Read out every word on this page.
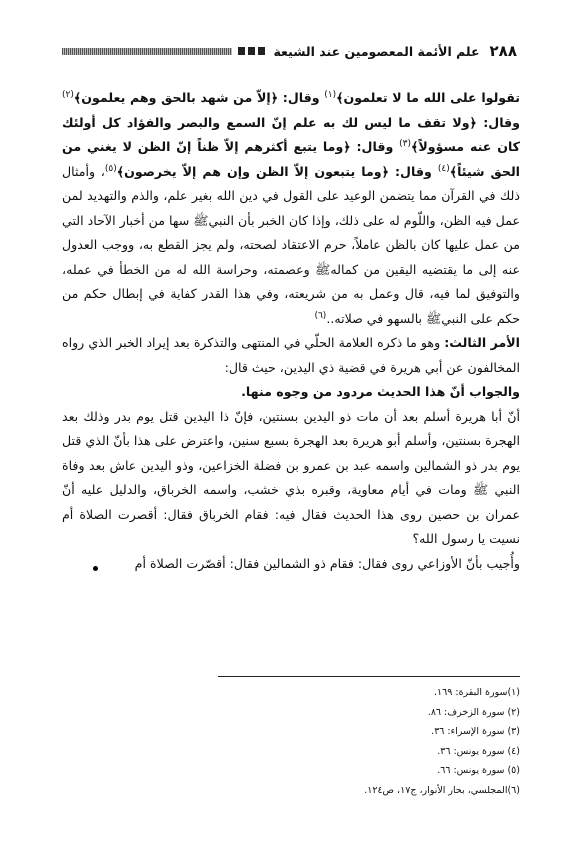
٢٨٨
علم الأئمة المعصومين عند الشيعة

تقولوا على الله ما لا تعلمون﴾$^{(١)}$ وقال: ﴿إلاّ من شهد بالحق وهم يعلمون﴾$^{(٢)}$ وقال: ﴿ولا تقف ما ليس لك به علم إنّ السمع والبصر والفؤاد كل أولئك كان عنه مسؤولاً﴾$^{(٣)}$ وقال: ﴿وما يتبع أكثرهم إلاّ ظناً إنّ الظن لا يغني من الحق شيئاً﴾$^{(٤)}$ وقال: ﴿وما يتبعون إلاّ الظن وإن هم إلاّ يخرصون﴾$^{(٥)}$، وأمثال ذلك في القرآن مما يتضمن الوعيد على القول في دين الله بغير علم، والذم والتهديد لمن عمل فيه الظن، واللّوم له على ذلك، وإذا كان الخبر بأن النبيﷺ سها من أخبار الآحاد التي من عمل عليها كان بالظن عاملاً، حرم الاعتقاد لصحته، ولم يجز القطع به، ووجب العدول عنه إلى ما يقتضيه اليقين من كمالهﷺ وعصمته، وحراسة الله له من الخطأ في عمله، والتوفيق لما فيه، قال وعمل به من شريعته، وفي هذا القدر كفاية في إبطال حكم من حكم على النبيﷺ بالسهو في صلاته..$^{(٦)}$

الأمر الثالث: وهو ما ذكره العلامة الحلّي في المنتهى والتذكرة بعد إيراد الخبر الذي رواه المخالفون عن أبي هريرة في قضية ذي اليدين، حيث قال:

والجواب أنّ هذا الحديث مردود من وجوه منها.

أنّ أبا هريرة أسلم بعد أن مات ذو اليدين بسنتين، فإنّ ذا اليدين قتل يوم بدر وذلك بعد الهجرة بسنتين، وأسلم أبو هريرة بعد الهجرة بسبع سنين، واعترض على هذا بأنّ الذي قتل يوم بدر ذو الشمالين واسمه عبد بن عمرو بن فضلة الخزاعين، وذو اليدين عاش بعد وفاة النبي ﷺ ومات في أيام معاوية، وقبره بذي خشب، واسمه الخرباق، والدليل عليه أنّ عمران بن حصين روى هذا الحديث فقال فيه: فقام الخرباق فقال: أقصرت الصلاة أم نسيت يا رسول الله؟

وأُجيب بأنّ الأوزاعي روى فقال: فقام ذو الشمالين فقال: أقصّرت الصلاة أم

(١)سورة البقرة: ١٦٩.
(٢) سورة الزخرف: ٨٦.
(٣) سورة الإسراء: ٣٦.
(٤) سورة يونس: ٣٦.
(٥) سورة يونس: ٦٦.
(٦)المجلسي، بحار الأنوار، ج١٧، ص١٢٤.
